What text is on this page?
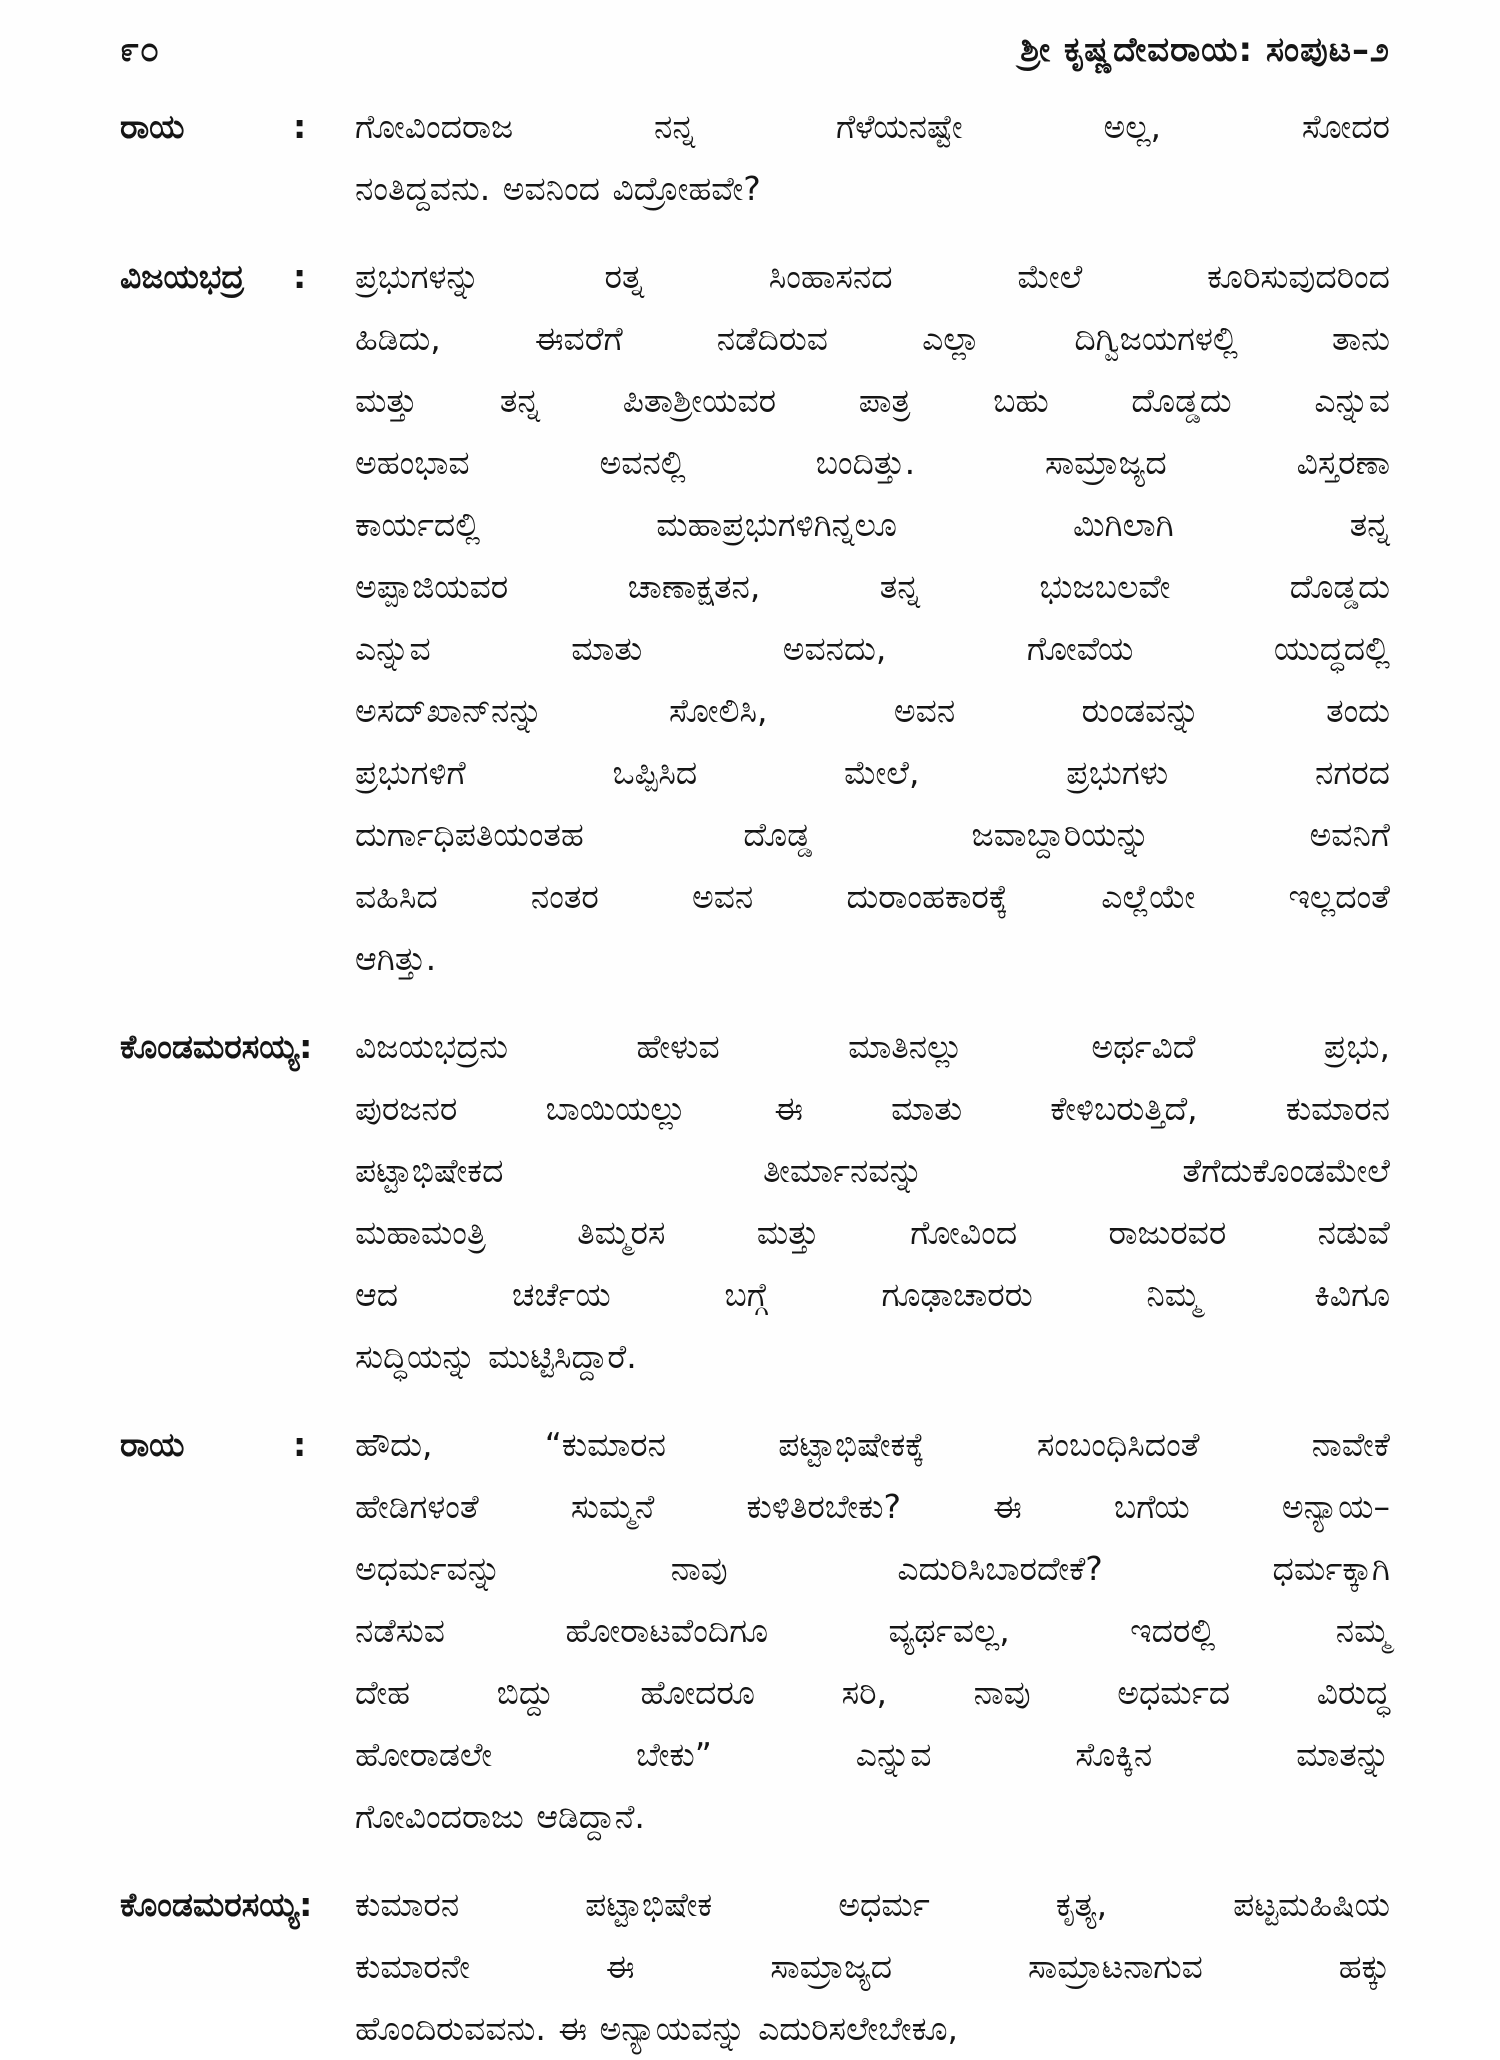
೯೦	ಶ್ರೀ ಕೃಷ್ಣದೇವರಾಯ: ಸಂಪುಟ–೨
ರಾಯ	: ಗೋವಿಂದರಾಜ ನನ್ನ ಗೆಳೆಯನಷ್ಟೇ ಅಲ್ಲ, ಸೋದರ
ನಂತಿದ್ದವನು. ಅವನಿಂದ ವಿದ್ರೋಹವೇ?
ವಿಜಯಭದ್ರ : ಪ್ರಭುಗಳನ್ನು ರತ್ನ ಸಿಂಹಾಸನದ ಮೇಲೆ ಕೂರಿಸುವುದರಿಂದ
ಹಿಡಿದು, ಈವರೆಗೆ ನಡೆದಿರುವ ಎಲ್ಲಾ ದಿಗ್ವಿಜಯಗಳಲ್ಲಿ ತಾನು
ಮತ್ತು ತನ್ನ ಪಿತಾಶ್ರೀಯವರ ಪಾತ್ರ ಬಹು ದೊಡ್ಡದು ಎನ್ನುವ
ಅಹಂಭಾವ ಅವನಲ್ಲಿ ಬಂದಿತ್ತು. ಸಾಮ್ರಾಜ್ಯದ ವಿಸ್ತರಣಾ
ಕಾರ್ಯದಲ್ಲಿ ಮಹಾಪ್ರಭುಗಳಿಗಿನ್ನಲೂ ಮಿಗಿಲಾಗಿ ತನ್ನ
ಅಪ್ಪಾಜಿಯವರ ಚಾಣಾಕ್ಷತನ, ತನ್ನ ಭುಜಬಲವೇ ದೊಡ್ಡದು
ಎನ್ನುವ ಮಾತು ಅವನದು, ಗೋವೆಯ ಯುದ್ಧದಲ್ಲಿ
ಅಸದ್‌ಖಾನ್‌ನನ್ನು ಸೋಲಿಸಿ, ಅವನ ರುಂಡವನ್ನು ತಂದು
ಪ್ರಭುಗಳಿಗೆ ಒಪ್ಪಿಸಿದ ಮೇಲೆ, ಪ್ರಭುಗಳು ನಗರದ
ದುರ್ಗಾಧಿಪತಿಯಂತಹ ದೊಡ್ಡ ಜವಾಬ್ದಾರಿಯನ್ನು ಅವನಿಗೆ
ವಹಿಸಿದ ನಂತರ ಅವನ ದುರಾಂಹಕಾರಕ್ಕೆ ಎಲ್ಲೆಯೇ ಇಲ್ಲದಂತೆ
ಆಗಿತ್ತು.
ಕೊಂಡಮರಸಯ್ಯ:	ವಿಜಯಭದ್ರನು ಹೇಳುವ ಮಾತಿನಲ್ಲು ಅರ್ಥವಿದೆ ಪ್ರಭು,
ಪುರಜನರ ಬಾಯಿಯಲ್ಲು ಈ ಮಾತು ಕೇಳಿಬರುತ್ತಿದೆ, ಕುಮಾರನ
ಪಟ್ಟಾಭಿಷೇಕದ ತೀರ್ಮಾನವನ್ನು ತೆಗೆದುಕೊಂಡಮೇಲೆ
ಮಹಾಮಂತ್ರಿ ತಿಮ್ಮರಸ ಮತ್ತು ಗೋವಿಂದ ರಾಜುರವರ ನಡುವೆ
ಆದ ಚರ್ಚೆಯ ಬಗ್ಗೆ ಗೂಢಾಚಾರರು ನಿಮ್ಮ ಕಿವಿಗೂ
ಸುದ್ಧಿಯನ್ನು ಮುಟ್ಟಿಸಿದ್ದಾರೆ.
ರಾಯ	: ಹೌದು, “ಕುಮಾರನ ಪಟ್ಟಾಭಿಷೇಕಕ್ಕೆ ಸಂಬಂಧಿಸಿದಂತೆ ನಾವೇಕೆ
ಹೇಡಿಗಳಂತೆ ಸುಮ್ಮನೆ ಕುಳಿತಿರಬೇಕು? ಈ ಬಗೆಯ ಅನ್ಯಾಯ–
ಅಧರ್ಮವನ್ನು ನಾವು ಎದುರಿಸಿಬಾರದೇಕೆ? ಧರ್ಮಕ್ಕಾಗಿ
ನಡೆಸುವ ಹೋರಾಟವೆಂದಿಗೂ ವ್ಯರ್ಥವಲ್ಲ, ಇದರಲ್ಲಿ ನಮ್ಮ
ದೇಹ ಬಿದ್ದು ಹೋದರೂ ಸರಿ, ನಾವು ಅಧರ್ಮದ ವಿರುದ್ಧ
ಹೋರಾಡಲೇ ಬೇಕು” ಎನ್ನುವ ಸೊಕ್ಕಿನ ಮಾತನ್ನು
ಗೋವಿಂದರಾಜು ಆಡಿದ್ದಾನೆ.
ಕೊಂಡಮರಸಯ್ಯ:	ಕುಮಾರನ ಪಟ್ಟಾಭಿಷೇಕ ಅಧರ್ಮ ಕೃತ್ಯ, ಪಟ್ಟಮಹಿಷಿಯ
ಕುಮಾರನೇ ಈ ಸಾಮ್ರಾಜ್ಯದ ಸಾಮ್ರಾಟನಾಗುವ ಹಕ್ಕು
ಹೊಂದಿರುವವನು. ಈ ಅನ್ಯಾಯವನ್ನು ಎದುರಿಸಲೇಬೇಕೂ,
